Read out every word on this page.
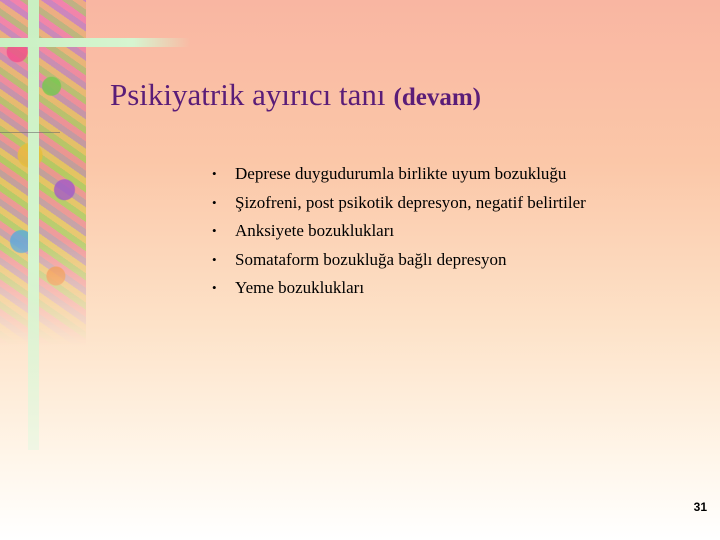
Psikiyatrik ayırıcı tanı (devam)
•	Deprese duygudurumla birlikte uyum bozukluğu
•	Şizofreni, post psikotik depresyon, negatif belirtiler
•	Anksiyete bozuklukları
•	Somataform bozukluğa bağlı depresyon
•	Yeme bozuklukları
31
